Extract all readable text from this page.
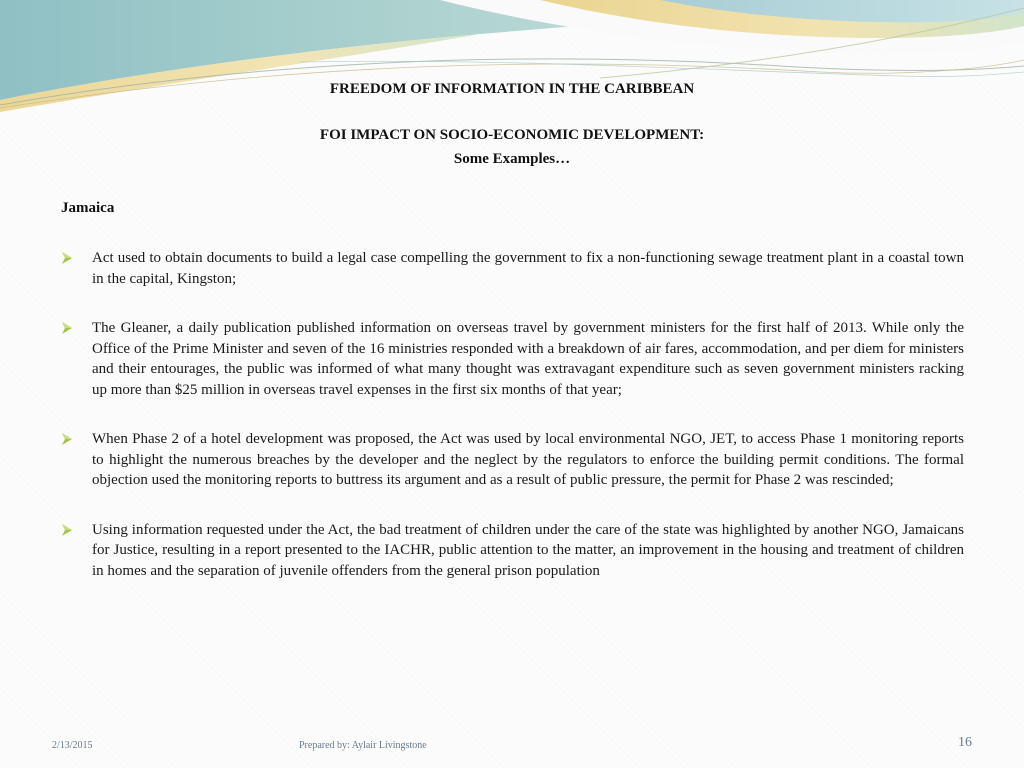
FREEDOM OF INFORMATION IN THE CARIBBEAN
FOI IMPACT ON SOCIO-ECONOMIC DEVELOPMENT:
Some Examples…
Jamaica
Act used to obtain documents to build a legal case compelling the government to fix a non-functioning sewage treatment plant in a coastal town in the capital, Kingston;
The Gleaner, a daily publication published information on overseas travel by government ministers for the first half of 2013. While only the Office of the Prime Minister and seven of the 16 ministries responded with a breakdown of air fares, accommodation, and per diem for ministers and their entourages, the public was informed of what many thought was extravagant expenditure such as seven government ministers racking up more than $25 million in overseas travel expenses in the first six months of that year;
When Phase 2 of a hotel development was proposed, the Act was used by local environmental NGO, JET, to access Phase 1 monitoring reports to highlight the numerous breaches by the developer and the neglect by the regulators to enforce the building permit conditions. The formal objection used the monitoring reports to buttress its argument and as a result of public pressure, the permit for Phase 2 was rescinded;
Using information requested under the Act, the bad treatment of children under the care of the state was highlighted by another NGO, Jamaicans for Justice, resulting in a report presented to the IACHR, public attention to the matter, an improvement in the housing and treatment of children in homes and the separation of juvenile offenders from the general prison population
2/13/2015	Prepared by: Aylair Livingstone	16
